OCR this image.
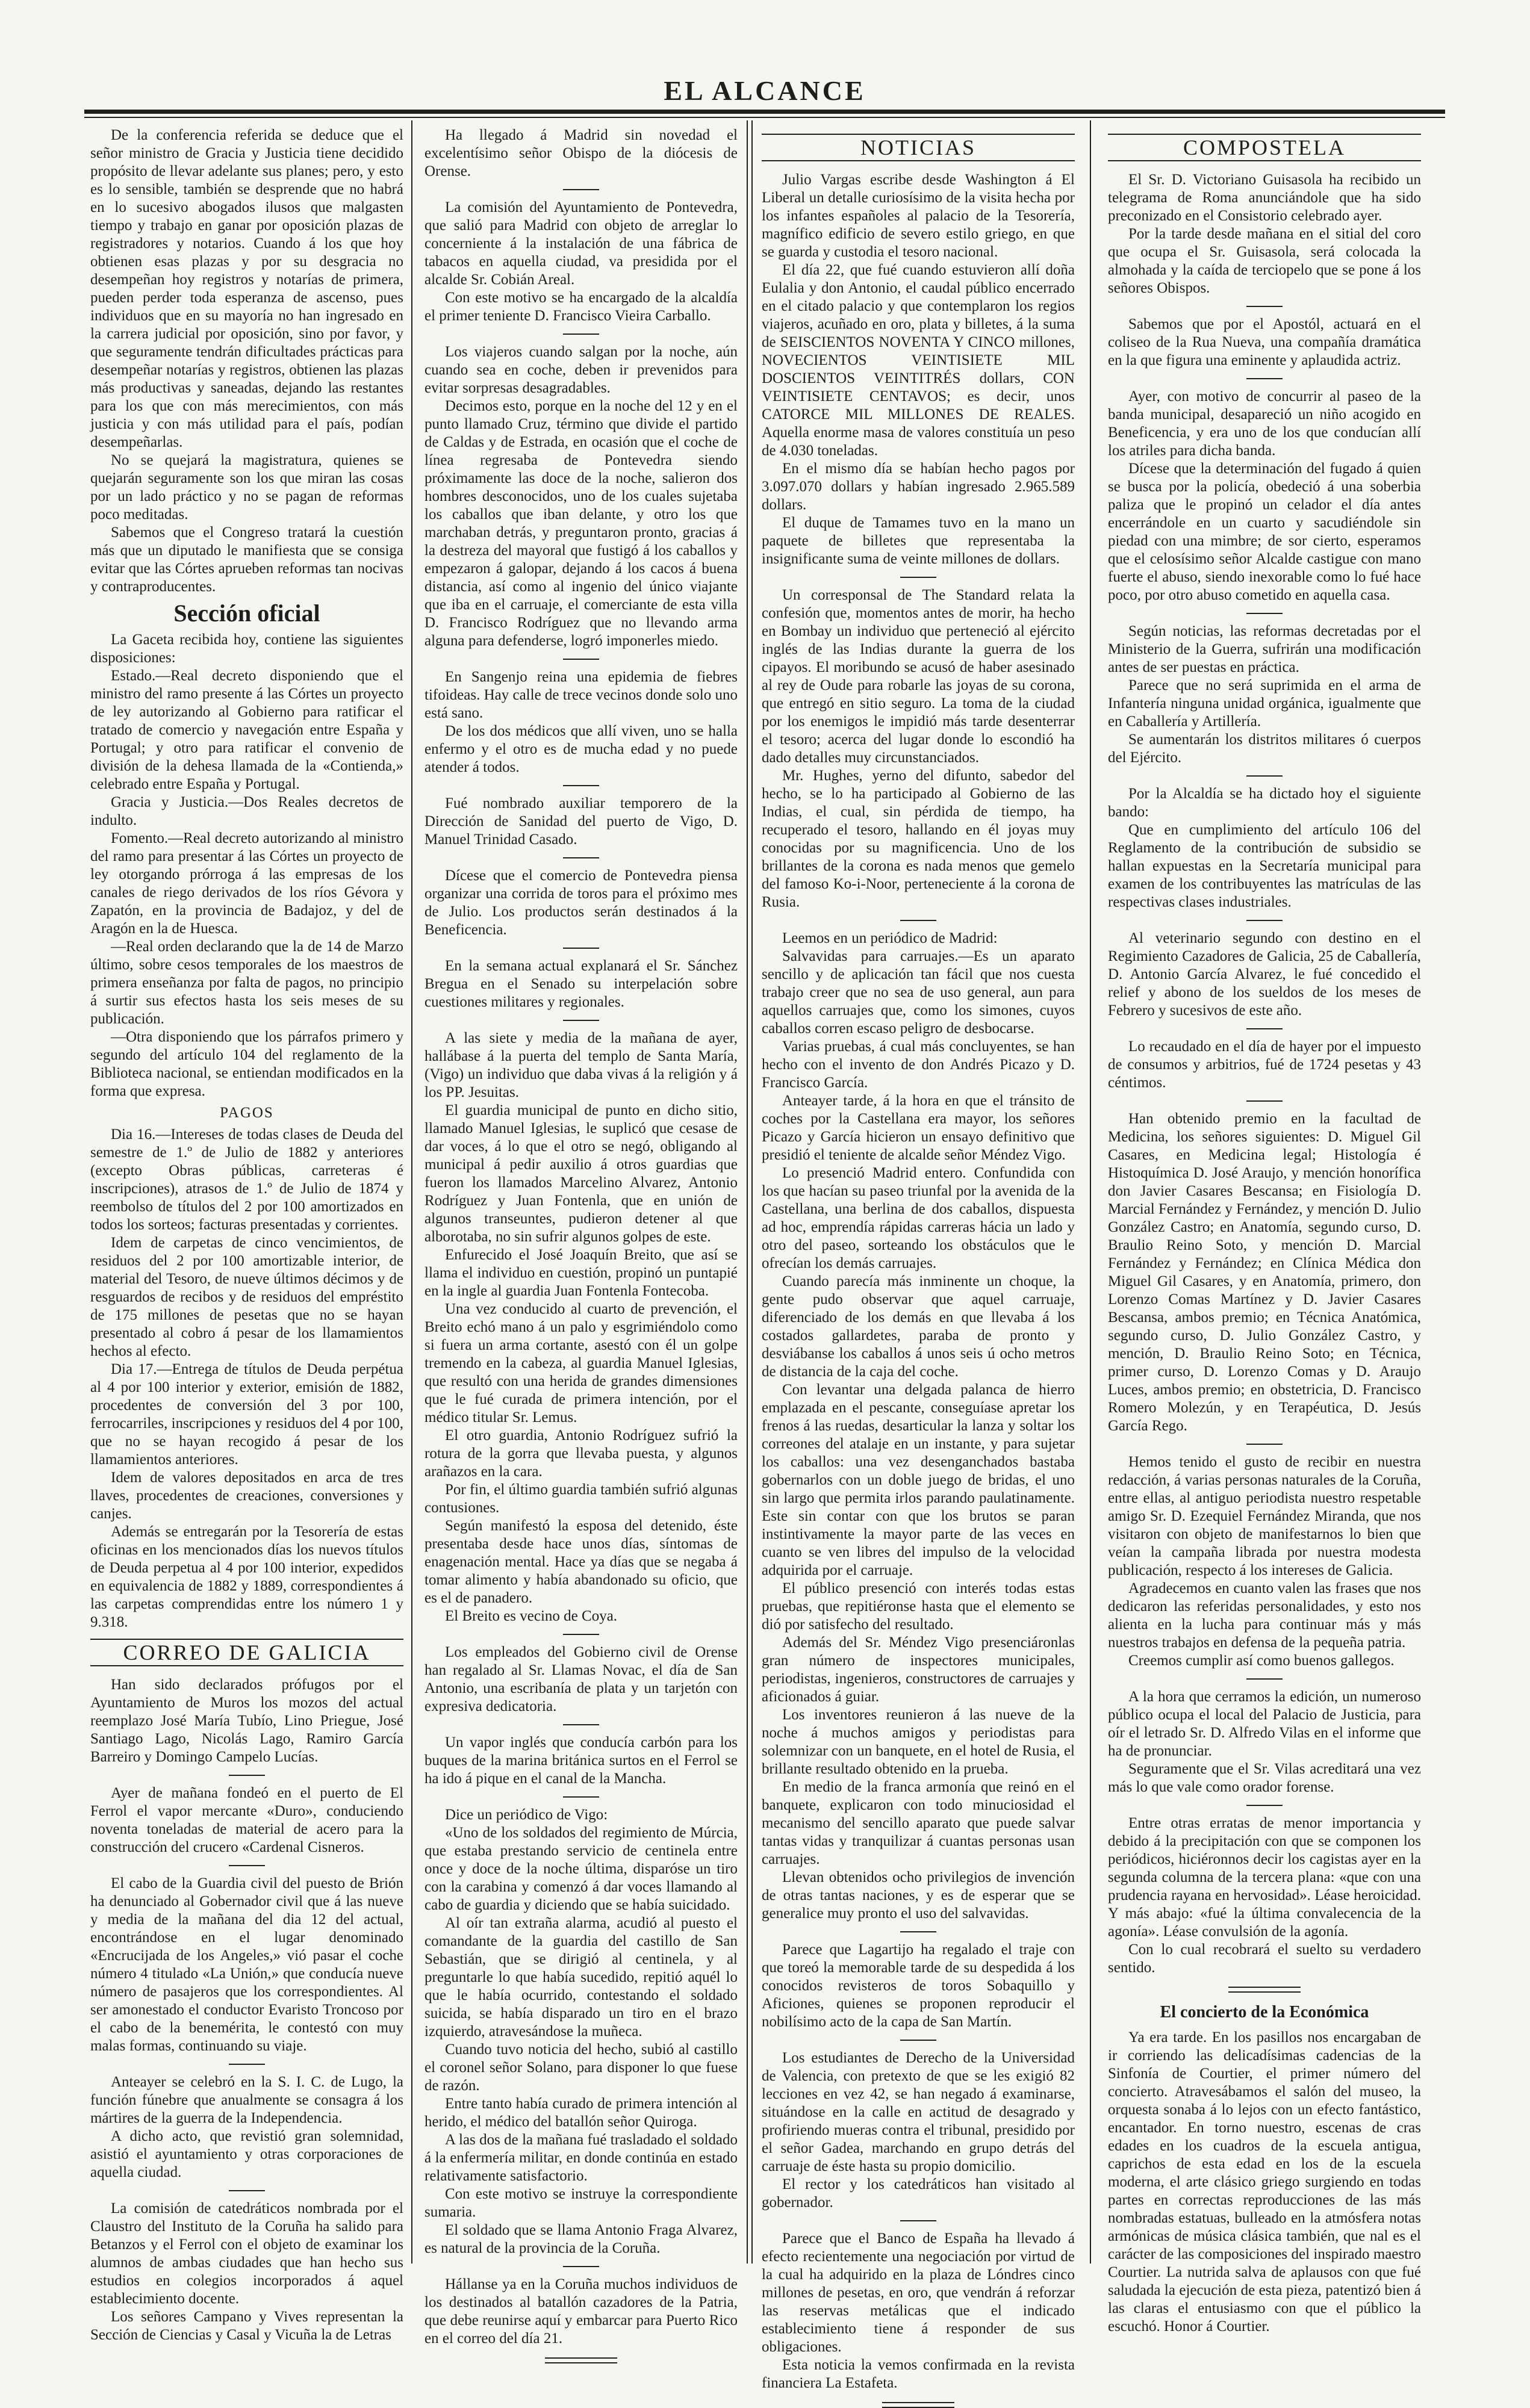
EL ALCANCE

De la conferencia referida se deduce que el señor ministro de Gracia y Justicia tiene decidido propósito de llevar adelante sus planes; pero, y esto es lo sensible, también se desprende que no habrá en lo sucesivo abogados ilusos que malgasten tiempo y trabajo en ganar por oposición plazas de registradores y notarios. Cuando á los que hoy obtienen esas plazas y por su desgracia no desempeñan hoy registros y notarías de primera, pueden perder toda esperanza de ascenso, pues individuos que en su mayoría no han ingresado en la carrera judicial por oposición, sino por favor, y que seguramente tendrán dificultades prácticas para desempeñar notarías y registros, obtienen las plazas más productivas y saneadas, dejando las restantes para los que con más merecimientos, con más justicia y con más utilidad para el país, podían desempeñarlas.

No se quejará la magistratura, quienes se quejarán seguramente son los que miran las cosas por un lado práctico y no se pagan de reformas poco meditadas.

Sabemos que el Congreso tratará la cuestión más que un diputado le manifiesta que se consiga evitar que las Córtes aprueben reformas tan nocivas y contraproducentes.

Sección oficial

La Gaceta recibida hoy, contiene las siguientes disposiciones:

Estado.—Real decreto disponiendo que el ministro del ramo presente á las Córtes un proyecto de ley autorizando al Gobierno para ratificar el tratado de comercio y navegación entre España y Portugal; y otro para ratificar el convenio de división de la dehesa llamada de la «Contienda,» celebrado entre España y Portugal.

Gracia y Justicia.—Dos Reales decretos de indulto.

Fomento.—Real decreto autorizando al ministro del ramo para presentar á las Córtes un proyecto de ley otorgando prórroga á las empresas de los canales de riego derivados de los ríos Gévora y Zapatón, en la provincia de Badajoz, y del de Aragón en la de Huesca.

—Real orden declarando que la de 14 de Marzo último, sobre cesos temporales de los maestros de primera enseñanza por falta de pagos, no principio á surtir sus efectos hasta los seis meses de su publicación.

—Otra disponiendo que los párrafos primero y segundo del artículo 104 del reglamento de la Biblioteca nacional, se entiendan modificados en la forma que expresa.

PAGOS

Dia 16.—Intereses de todas clases de Deuda del semestre de 1.º de Julio de 1882 y anteriores (excepto Obras públicas, carreteras é inscripciones), atrasos de 1.º de Julio de 1874 y reembolso de títulos del 2 por 100 amortizados en todos los sorteos; facturas presentadas y corrientes.

Idem de carpetas de cinco vencimientos, de residuos del 2 por 100 amortizable interior, de material del Tesoro, de nueve últimos décimos y de resguardos de recibos y de residuos del empréstito de 175 millones de pesetas que no se hayan presentado al cobro á pesar de los llamamientos hechos al efecto.

Dia 17.—Entrega de títulos de Deuda perpétua al 4 por 100 interior y exterior, emisión de 1882, procedentes de conversión del 3 por 100, ferrocarriles, inscripciones y residuos del 4 por 100, que no se hayan recogido á pesar de los llamamientos anteriores.

Idem de valores depositados en arca de tres llaves, procedentes de creaciones, conversiones y canjes.

Además se entregarán por la Tesorería de estas oficinas en los mencionados días los nuevos títulos de Deuda perpetua al 4 por 100 interior, expedidos en equivalencia de 1882 y 1889, correspondientes á las carpetas comprendidas entre los número 1 y 9.318.

CORREO DE GALICIA

Han sido declarados prófugos por el Ayuntamiento de Muros los mozos del actual reemplazo José María Tubío, Lino Priegue, José Santiago Lago, Nicolás Lago, Ramiro García Barreiro y Domingo Campelo Lucías.

Ayer de mañana fondeó en el puerto de El Ferrol el vapor mercante «Duro», conduciendo noventa toneladas de material de acero para la construcción del crucero «Cardenal Cisneros.

El cabo de la Guardia civil del puesto de Brión ha denunciado al Gobernador civil que á las nueve y media de la mañana del dia 12 del actual, encontrándose en el lugar denominado «Encrucijada de los Angeles,» vió pasar el coche número 4 titulado «La Unión,» que conducía nueve número de pasajeros que los correspondientes. Al ser amonestado el conductor Evaristo Troncoso por el cabo de la benemérita, le contestó con muy malas formas, continuando su viaje.

Anteayer se celebró en la S. I. C. de Lugo, la función fúnebre que anualmente se consagra á los mártires de la guerra de la Independencia.

A dicho acto, que revistió gran solemnidad, asistió el ayuntamiento y otras corporaciones de aquella ciudad.

La comisión de catedráticos nombrada por el Claustro del Instituto de la Coruña ha salido para Betanzos y el Ferrol con el objeto de examinar los alumnos de ambas ciudades que han hecho sus estudios en colegios incorporados á aquel establecimiento docente.

Los señores Campano y Vives representan la Sección de Ciencias y Casal y Vicuña la de Letras

Ha llegado á Madrid sin novedad el excelentísimo señor Obispo de la diócesis de Orense.

La comisión del Ayuntamiento de Pontevedra, que salió para Madrid con objeto de arreglar lo concerniente á la instalación de una fábrica de tabacos en aquella ciudad, va presidida por el alcalde Sr. Cobián Areal.

Con este motivo se ha encargado de la alcaldía el primer teniente D. Francisco Vieira Carballo.

Los viajeros cuando salgan por la noche, aún cuando sea en coche, deben ir prevenidos para evitar sorpresas desagradables.

Decimos esto, porque en la noche del 12 y en el punto llamado Cruz, término que divide el partido de Caldas y de Estrada, en ocasión que el coche de línea regresaba de Pontevedra siendo próximamente las doce de la noche, salieron dos hombres desconocidos, uno de los cuales sujetaba los caballos que iban delante, y otro los que marchaban detrás, y preguntaron pronto, gracias á la destreza del mayoral que fustigó á los caballos y empezaron á galopar, dejando á los cacos á buena distancia, así como al ingenio del único viajante que iba en el carruaje, el comerciante de esta villa D. Francisco Rodríguez que no llevando arma alguna para defenderse, logró imponerles miedo.

En Sangenjo reina una epidemia de fiebres tifoideas. Hay calle de trece vecinos donde solo uno está sano.

De los dos médicos que allí viven, uno se halla enfermo y el otro es de mucha edad y no puede atender á todos.

Fué nombrado auxiliar temporero de la Dirección de Sanidad del puerto de Vigo, D. Manuel Trinidad Casado.

Dícese que el comercio de Pontevedra piensa organizar una corrida de toros para el próximo mes de Julio. Los productos serán destinados á la Beneficencia.

En la semana actual explanará el Sr. Sánchez Bregua en el Senado su interpelación sobre cuestiones militares y regionales.

A las siete y media de la mañana de ayer, hallábase á la puerta del templo de Santa María, (Vigo) un individuo que daba vivas á la religión y á los PP. Jesuitas.

El guardia municipal de punto en dicho sitio, llamado Manuel Iglesias, le suplicó que cesase de dar voces, á lo que el otro se negó, obligando al municipal á pedir auxilio á otros guardias que fueron los llamados Marcelino Alvarez, Antonio Rodríguez y Juan Fontenla, que en unión de algunos transeuntes, pudieron detener al que alborotaba, no sin sufrir algunos golpes de este.

Enfurecido el José Joaquín Breito, que así se llama el individuo en cuestión, propinó un puntapié en la ingle al guardia Juan Fontenla Fontecoba.

Una vez conducido al cuarto de prevención, el Breito echó mano á un palo y esgrimiéndolo como si fuera un arma cortante, asestó con él un golpe tremendo en la cabeza, al guardia Manuel Iglesias, que resultó con una herida de grandes dimensiones que le fué curada de primera intención, por el médico titular Sr. Lemus.

El otro guardia, Antonio Rodríguez sufrió la rotura de la gorra que llevaba puesta, y algunos arañazos en la cara.

Por fin, el último guardia también sufrió algunas contusiones.

Según manifestó la esposa del detenido, éste presentaba desde hace unos días, síntomas de enagenación mental. Hace ya días que se negaba á tomar alimento y había abandonado su oficio, que es el de panadero.

El Breito es vecino de Coya.

Los empleados del Gobierno civil de Orense han regalado al Sr. Llamas Novac, el día de San Antonio, una escribanía de plata y un tarjetón con expresiva dedicatoria.

Un vapor inglés que conducía carbón para los buques de la marina británica surtos en el Ferrol se ha ido á pique en el canal de la Mancha.

Dice un periódico de Vigo:

«Uno de los soldados del regimiento de Múrcia, que estaba prestando servicio de centinela entre once y doce de la noche última, disparóse un tiro con la carabina y comenzó á dar voces llamando al cabo de guardia y diciendo que se había suicidado.

Al oír tan extraña alarma, acudió al puesto el comandante de la guardia del castillo de San Sebastián, que se dirigió al centinela, y al preguntarle lo que había sucedido, repitió aquél lo que le había ocurrido, contestando el soldado suicida, se había disparado un tiro en el brazo izquierdo, atravesándose la muñeca.

Cuando tuvo noticia del hecho, subió al castillo el coronel señor Solano, para disponer lo que fuese de razón.

Entre tanto había curado de primera intención al herido, el médico del batallón señor Quiroga.

A las dos de la mañana fué trasladado el soldado á la enfermería militar, en donde continúa en estado relativamente satisfactorio.

Con este motivo se instruye la correspondiente sumaria.

El soldado que se llama Antonio Fraga Alvarez, es natural de la provincia de la Coruña.

Hállanse ya en la Coruña muchos individuos de los destinados al batallón cazadores de la Patria, que debe reunirse aquí y embarcar para Puerto Rico en el correo del día 21.

NOTICIAS

Julio Vargas escribe desde Washington á El Liberal un detalle curiosísimo de la visita hecha por los infantes españoles al palacio de la Tesorería, magnífico edificio de severo estilo griego, en que se guarda y custodia el tesoro nacional.

El día 22, que fué cuando estuvieron allí doña Eulalia y don Antonio, el caudal público encerrado en el citado palacio y que contemplaron los regios viajeros, acuñado en oro, plata y billetes, á la suma de SEISCIENTOS NOVENTA Y CINCO millones, NOVECIENTOS VEINTISIETE MIL DOSCIENTOS VEINTITRÉS dollars, CON VEINTISIETE CENTAVOS; es decir, unos CATORCE MIL MILLONES DE REALES. Aquella enorme masa de valores constituía un peso de 4.030 toneladas.

En el mismo día se habían hecho pagos por 3.097.070 dollars y habían ingresado 2.965.589 dollars.

El duque de Tamames tuvo en la mano un paquete de billetes que representaba la insignificante suma de veinte millones de dollars.

Un corresponsal de The Standard relata la confesión que, momentos antes de morir, ha hecho en Bombay un individuo que perteneció al ejército inglés de las Indias durante la guerra de los cipayos. El moribundo se acusó de haber asesinado al rey de Oude para robarle las joyas de su corona, que entregó en sitio seguro. La toma de la ciudad por los enemigos le impidió más tarde desenterrar el tesoro; acerca del lugar donde lo escondió ha dado detalles muy circunstanciados.

Mr. Hughes, yerno del difunto, sabedor del hecho, se lo ha participado al Gobierno de las Indias, el cual, sin pérdida de tiempo, ha recuperado el tesoro, hallando en él joyas muy conocidas por su magnificencia. Uno de los brillantes de la corona es nada menos que gemelo del famoso Ko-i-Noor, perteneciente á la corona de Rusia.

Leemos en un periódico de Madrid:

Salvavidas para carruajes.—Es un aparato sencillo y de aplicación tan fácil que nos cuesta trabajo creer que no sea de uso general, aun para aquellos carruajes que, como los simones, cuyos caballos corren escaso peligro de desbocarse.

Varias pruebas, á cual más concluyentes, se han hecho con el invento de don Andrés Picazo y D. Francisco García.

Anteayer tarde, á la hora en que el tránsito de coches por la Castellana era mayor, los señores Picazo y García hicieron un ensayo definitivo que presidió el teniente de alcalde señor Méndez Vigo.

Lo presenció Madrid entero. Confundida con los que hacían su paseo triunfal por la avenida de la Castellana, una berlina de dos caballos, dispuesta ad hoc, emprendía rápidas carreras hácia un lado y otro del paseo, sorteando los obstáculos que le ofrecían los demás carruajes.

Cuando parecía más inminente un choque, la gente pudo observar que aquel carruaje, diferenciado de los demás en que llevaba á los costados gallardetes, paraba de pronto y desviábanse los caballos á unos seis ú ocho metros de distancia de la caja del coche.

Con levantar una delgada palanca de hierro emplazada en el pescante, conseguíase apretar los frenos á las ruedas, desarticular la lanza y soltar los correones del atalaje en un instante, y para sujetar los caballos: una vez desenganchados bastaba gobernarlos con un doble juego de bridas, el uno sin largo que permita irlos parando paulatinamente. Este sin contar con que los brutos se paran instintivamente la mayor parte de las veces en cuanto se ven libres del impulso de la velocidad adquirida por el carruaje.

El público presenció con interés todas estas pruebas, que repitiéronse hasta que el elemento se dió por satisfecho del resultado.

Además del Sr. Méndez Vigo presenciáronlas gran número de inspectores municipales, periodistas, ingenieros, constructores de carruajes y aficionados á guiar.

Los inventores reunieron á las nueve de la noche á muchos amigos y periodistas para solemnizar con un banquete, en el hotel de Rusia, el brillante resultado obtenido en la prueba.

En medio de la franca armonía que reinó en el banquete, explicaron con todo minuciosidad el mecanismo del sencillo aparato que puede salvar tantas vidas y tranquilizar á cuantas personas usan carruajes.

Llevan obtenidos ocho privilegios de invención de otras tantas naciones, y es de esperar que se generalice muy pronto el uso del salvavidas.

Parece que Lagartijo ha regalado el traje con que toreó la memorable tarde de su despedida á los conocidos revisteros de toros Sobaquillo y Aficiones, quienes se proponen reproducir el nobilísimo acto de la capa de San Martín.

Los estudiantes de Derecho de la Universidad de Valencia, con pretexto de que se les exigió 82 lecciones en vez 42, se han negado á examinarse, situándose en la calle en actitud de desagrado y profiriendo mueras contra el tribunal, presidido por el señor Gadea, marchando en grupo detrás del carruaje de éste hasta su propio domicilio.

El rector y los catedráticos han visitado al gobernador.

Parece que el Banco de España ha llevado á efecto recientemente una negociación por virtud de la cual ha adquirido en la plaza de Lóndres cinco millones de pesetas, en oro, que vendrán á reforzar las reservas metálicas que el indicado establecimiento tiene á responder de sus obligaciones.

Esta noticia la vemos confirmada en la revista financiera La Estafeta.

COMPOSTELA

El Sr. D. Victoriano Guisasola ha recibido un telegrama de Roma anunciándole que ha sido preconizado en el Consistorio celebrado ayer.

Por la tarde desde mañana en el sitial del coro que ocupa el Sr. Guisasola, será colocada la almohada y la caída de terciopelo que se pone á los señores Obispos.

Sabemos que por el Apostól, actuará en el coliseo de la Rua Nueva, una compañía dramática en la que figura una eminente y aplaudida actriz.

Ayer, con motivo de concurrir al paseo de la banda municipal, desapareció un niño acogido en Beneficencia, y era uno de los que conducían allí los atriles para dicha banda.

Dícese que la determinación del fugado á quien se busca por la policía, obedeció á una soberbia paliza que le propinó un celador el día antes encerrándole en un cuarto y sacudiéndole sin piedad con una mimbre; de sor cierto, esperamos que el celosísimo señor Alcalde castigue con mano fuerte el abuso, siendo inexorable como lo fué hace poco, por otro abuso cometido en aquella casa.

Según noticias, las reformas decretadas por el Ministerio de la Guerra, sufrirán una modificación antes de ser puestas en práctica.

Parece que no será suprimida en el arma de Infantería ninguna unidad orgánica, igualmente que en Caballería y Artillería.

Se aumentarán los distritos militares ó cuerpos del Ejército.

Por la Alcaldía se ha dictado hoy el siguiente bando:

Que en cumplimiento del artículo 106 del Reglamento de la contribución de subsidio se hallan expuestas en la Secretaría municipal para examen de los contribuyentes las matrículas de las respectivas clases industriales.

Al veterinario segundo con destino en el Regimiento Cazadores de Galicia, 25 de Caballería, D. Antonio García Alvarez, le fué concedido el relief y abono de los sueldos de los meses de Febrero y sucesivos de este año.

Lo recaudado en el día de hayer por el impuesto de consumos y arbitrios, fué de 1724 pesetas y 43 céntimos.

Han obtenido premio en la facultad de Medicina, los señores siguientes: D. Miguel Gil Casares, en Medicina legal; Histología é Histoquímica D. José Araujo, y mención honorífica don Javier Casares Bescansa; en Fisiología D. Marcial Fernández y Fernández, y mención D. Julio González Castro; en Anatomía, segundo curso, D. Braulio Reino Soto, y mención D. Marcial Fernández y Fernández; en Clínica Médica don Miguel Gil Casares, y en Anatomía, primero, don Lorenzo Comas Martínez y D. Javier Casares Bescansa, ambos premio; en Técnica Anatómica, segundo curso, D. Julio González Castro, y mención, D. Braulio Reino Soto; en Técnica, primer curso, D. Lorenzo Comas y D. Araujo Luces, ambos premio; en obstetricia, D. Francisco Romero Molezún, y en Terapéutica, D. Jesús García Rego.

Hemos tenido el gusto de recibir en nuestra redacción, á varias personas naturales de la Coruña, entre ellas, al antiguo periodista nuestro respetable amigo Sr. D. Ezequiel Fernández Miranda, que nos visitaron con objeto de manifestarnos lo bien que veían la campaña librada por nuestra modesta publicación, respecto á los intereses de Galicia.

Agradecemos en cuanto valen las frases que nos dedicaron las referidas personalidades, y esto nos alienta en la lucha para continuar más y más nuestros trabajos en defensa de la pequeña patria.

Creemos cumplir así como buenos gallegos.

A la hora que cerramos la edición, un numeroso público ocupa el local del Palacio de Justicia, para oír el letrado Sr. D. Alfredo Vilas en el informe que ha de pronunciar.

Seguramente que el Sr. Vilas acreditará una vez más lo que vale como orador forense.

Entre otras erratas de menor importancia y debido á la precipitación con que se componen los periódicos, hiciéronnos decir los cagistas ayer en la segunda columna de la tercera plana: «que con una prudencia rayana en hervosidad». Léase heroicidad. Y más abajo: «fué la última convalecencia de la agonía». Léase convulsión de la agonía.

Con lo cual recobrará el suelto su verdadero sentido.

El concierto de la Económica

Ya era tarde. En los pasillos nos encargaban de ir corriendo las delicadísimas cadencias de la Sinfonía de Courtier, el primer número del concierto. Atravesábamos el salón del museo, la orquesta sonaba á lo lejos con un efecto fantástico, encantador. En torno nuestro, escenas de cras edades en los cuadros de la escuela antigua, caprichos de esta edad en los de la escuela moderna, el arte clásico griego surgiendo en todas partes en correctas reproducciones de las más nombradas estatuas, bulleado en la atmósfera notas armónicas de música clásica también, que nal es el carácter de las composiciones del inspirado maestro Courtier. La nutrida salva de aplausos con que fué saludada la ejecución de esta pieza, patentizó bien á las claras el entusiasmo con que el público la escuchó. Honor á Courtier.
